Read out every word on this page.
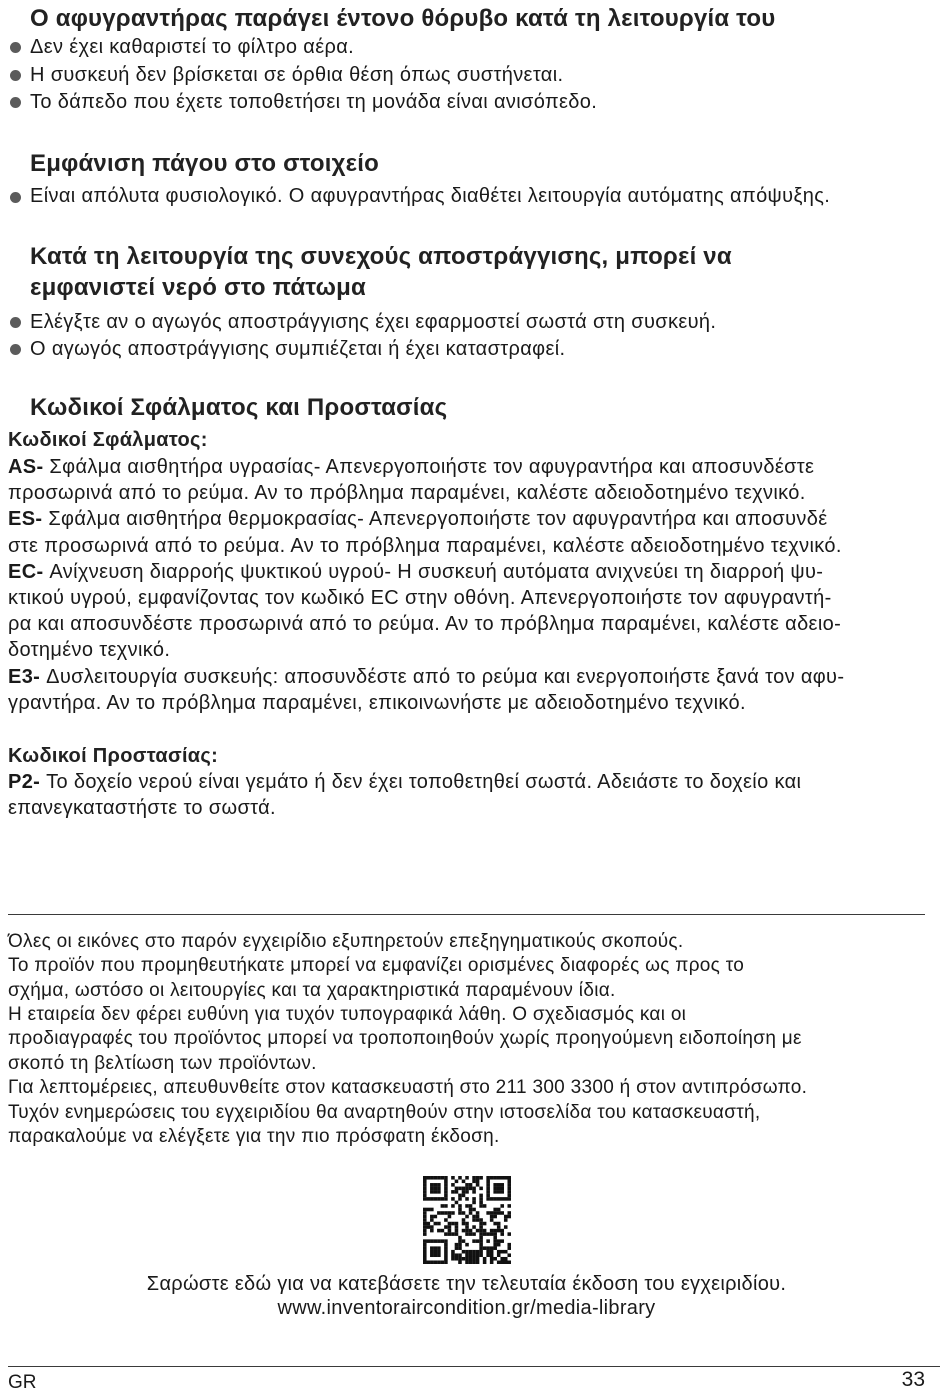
Ο αφυγραντήρας παράγει έντονο θόρυβο κατά τη λειτουργία του
Δεν έχει καθαριστεί το φίλτρο αέρα.
Η συσκευή δεν βρίσκεται σε όρθια θέση όπως συστήνεται.
Το δάπεδο που έχετε τοποθετήσει τη μονάδα είναι ανισόπεδο.
Εμφάνιση πάγου στο στοιχείο
Είναι απόλυτα φυσιολογικό. Ο αφυγραντήρας διαθέτει λειτουργία αυτόματης απόψυξης.
Κατά τη λειτουργία της συνεχούς αποστράγγισης, μπορεί να
εμφανιστεί νερό στο πάτωμα
Ελέγξτε αν ο αγωγός αποστράγγισης έχει εφαρμοστεί σωστά στη συσκευή.
Ο αγωγός αποστράγγισης συμπιέζεται ή έχει καταστραφεί.
Κωδικοί Σφάλματος και Προστασίας
Κωδικοί Σφάλματος:
AS- Σφάλμα αισθητήρα υγρασίας- Απενεργοποιήστε τον αφυγραντήρα και αποσυνδέστε
προσωρινά από το ρεύμα. Αν το πρόβλημα παραμένει, καλέστε αδειοδοτημένο τεχνικό.
ES- Σφάλμα αισθητήρα θερμοκρασίας- Απενεργοποιήστε τον αφυγραντήρα και αποσυνδέ
στε προσωρινά από το ρεύμα. Αν το πρόβλημα παραμένει, καλέστε αδειοδοτημένο τεχνικό.
EC- Ανίχνευση διαρροής ψυκτικού υγρού- Η συσκευή αυτόματα ανιχνεύει τη διαρροή ψυ-
κτικού υγρού, εμφανίζοντας τον κωδικό EC στην οθόνη. Απενεργοποιήστε τον αφυγραντή-
ρα και αποσυνδέστε προσωρινά από το ρεύμα. Αν το πρόβλημα παραμένει, καλέστε αδειο-
δοτημένο τεχνικό.
E3- Δυσλειτουργία συσκευής: αποσυνδέστε από το ρεύμα και ενεργοποιήστε ξανά τον αφυ-
γραντήρα. Αν το πρόβλημα παραμένει, επικοινωνήστε με αδειοδοτημένο τεχνικό.
Κωδικοί Προστασίας:
P2- Το δοχείο νερού είναι γεμάτο ή δεν έχει τοποθετηθεί σωστά. Αδειάστε το δοχείο και
επανεγκαταστήστε το σωστά.
Όλες οι εικόνες στο παρόν εγχειρίδιο εξυπηρετούν επεξηγηματικούς σκοπούς.
Το προϊόν που προμηθευτήκατε μπορεί να εμφανίζει ορισμένες διαφορές ως προς το
σχήμα, ωστόσο οι λειτουργίες και τα χαρακτηριστικά παραμένουν ίδια.
Η εταιρεία δεν φέρει ευθύνη για τυχόν τυπογραφικά λάθη. Ο σχεδιασμός και οι
προδιαγραφές του προϊόντος μπορεί να τροποποιηθούν χωρίς προηγούμενη ειδοποίηση με
σκοπό τη βελτίωση των προϊόντων.
Για λεπτομέρειες, απευθυνθείτε στον κατασκευαστή στο 211 300 3300 ή στον αντιπρόσωπο.
Τυχόν ενημερώσεις του εγχειριδίου θα αναρτηθούν στην ιστοσελίδα του κατασκευαστή,
παρακαλούμε να ελέγξετε για την πιο πρόσφατη έκδοση.
Σαρώστε εδώ για να κατεβάσετε την τελευταία έκδοση του εγχειριδίου.
www.inventoraircondition.gr/media-library
GR	33
